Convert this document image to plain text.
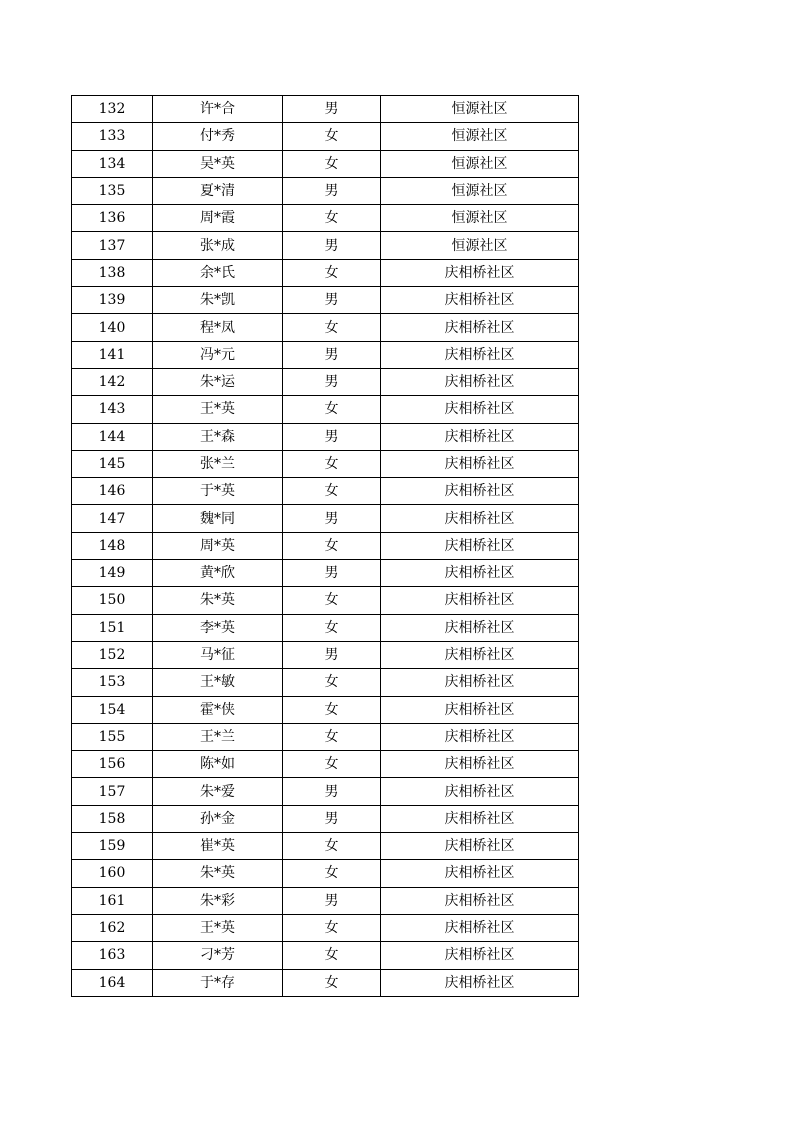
132	许*合	男	恒源社区
133	付*秀	女	恒源社区
134	吴*英	女	恒源社区
135	夏*清	男	恒源社区
136	周*霞	女	恒源社区
137	张*成	男	恒源社区
138	余*氏	女	庆相桥社区
139	朱*凯	男	庆相桥社区
140	程*凤	女	庆相桥社区
141	冯*元	男	庆相桥社区
142	朱*运	男	庆相桥社区
143	王*英	女	庆相桥社区
144	王*森	男	庆相桥社区
145	张*兰	女	庆相桥社区
146	于*英	女	庆相桥社区
147	魏*同	男	庆相桥社区
148	周*英	女	庆相桥社区
149	黄*欣	男	庆相桥社区
150	朱*英	女	庆相桥社区
151	李*英	女	庆相桥社区
152	马*征	男	庆相桥社区
153	王*敏	女	庆相桥社区
154	霍*侠	女	庆相桥社区
155	王*兰	女	庆相桥社区
156	陈*如	女	庆相桥社区
157	朱*爱	男	庆相桥社区
158	孙*金	男	庆相桥社区
159	崔*英	女	庆相桥社区
160	朱*英	女	庆相桥社区
161	朱*彩	男	庆相桥社区
162	王*英	女	庆相桥社区
163	刁*芳	女	庆相桥社区
164	于*存	女	庆相桥社区
